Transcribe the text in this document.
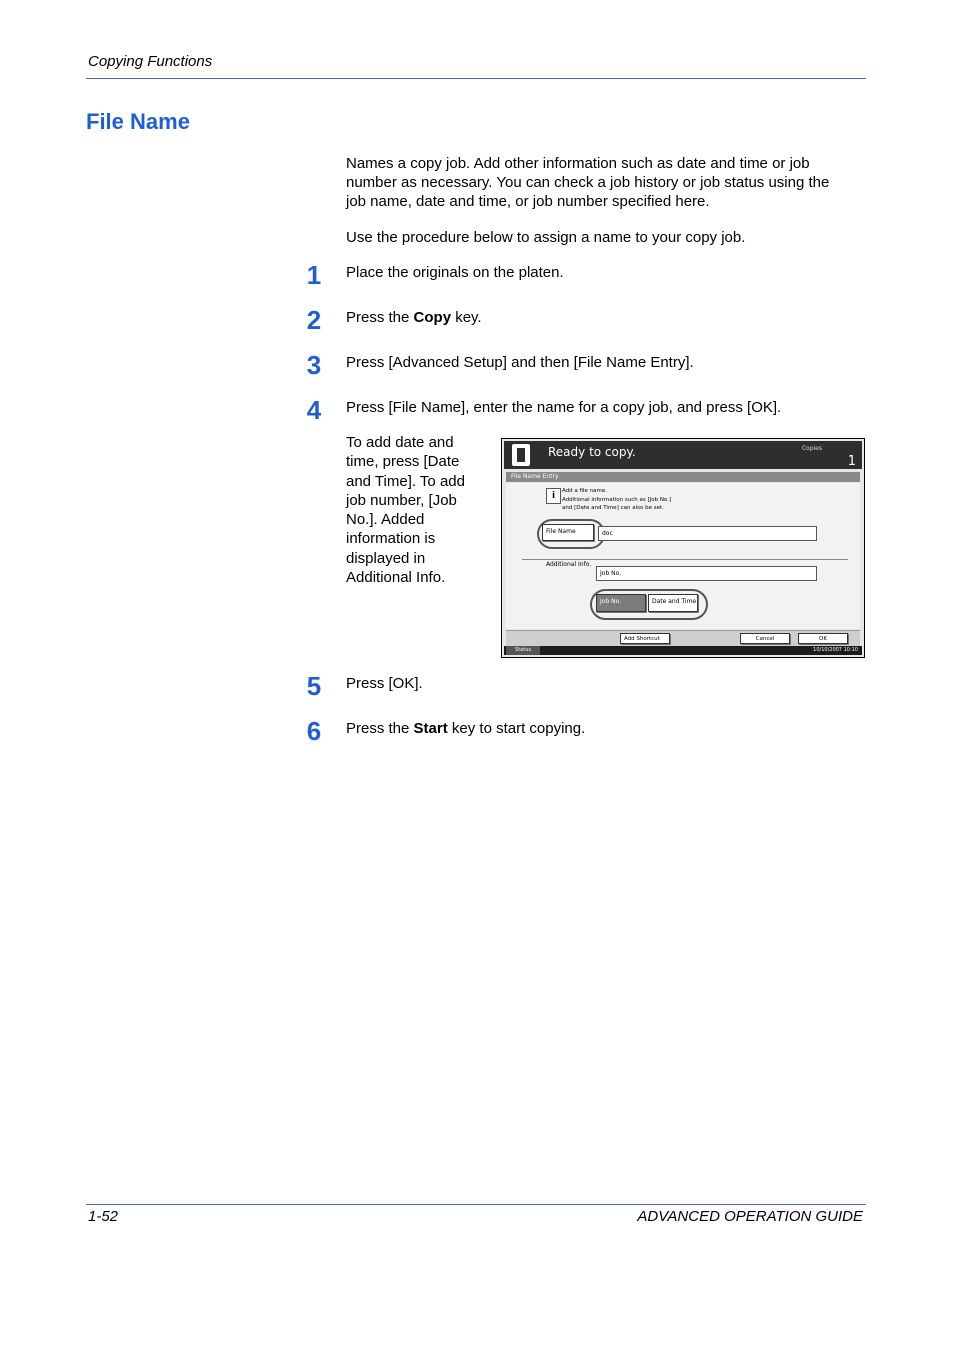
Copying Functions
File Name
Names a copy job. Add other information such as date and time or job
number as necessary. You can check a job history or job status using the
job name, date and time, or job number specified here.
Use the procedure below to assign a name to your copy job.
1	Place the originals on the platen.
2	Press the Copy key.
3	Press [Advanced Setup] and then [File Name Entry].
4	Press [File Name], enter the name for a copy job, and press [OK].
To add date and
time, press [Date
and Time]. To add
job number, [Job
No.]. Added
information is
displayed in
Additional Info.
Ready to copy.	Copies
1
File Name Entry
i	Add a file name.
Additional information such as [Job No.]
and [Date and Time] can also be set.
File Name	doc
Additional Info.
Job No.
Job No.	Date and Time
Add Shortcut	Cancel	OK
Status	10/10/2007 10:10
5	Press [OK].
6	Press the Start key to start copying.
1-52	ADVANCED OPERATION GUIDE
